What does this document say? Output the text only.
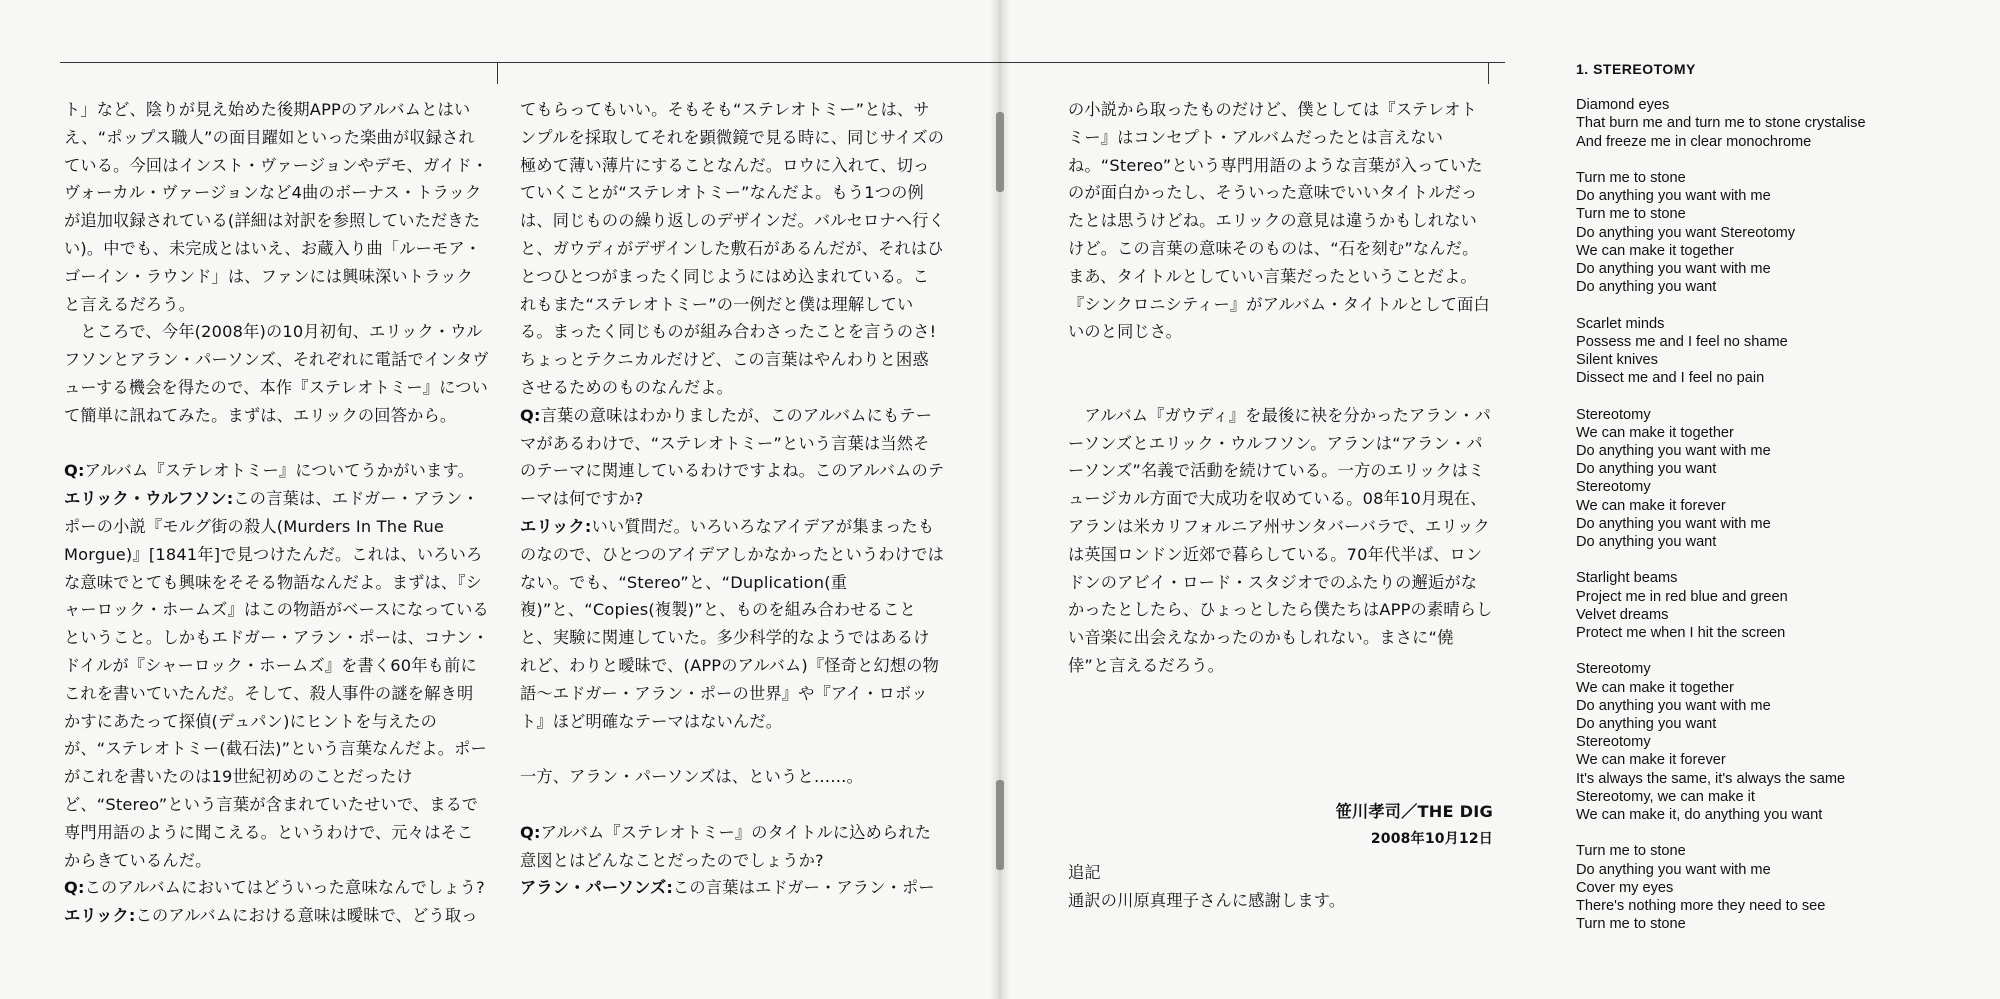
ト」など、陰りが見え始めた後期APPのアルバムとはいえ、“ポップス職人”の面目躍如といった楽曲が収録されている。今回はインスト・ヴァージョンやデモ、ガイド・ヴォーカル・ヴァージョンなど4曲のボーナス・トラックが追加収録されている(詳細は対訳を参照していただきたい)。中でも、未完成とはいえ、お蔵入り曲「ルーモア・ゴーイン・ラウンド」は、ファンには興味深いトラックと言えるだろう。

　ところで、今年(2008年)の10月初旬、エリック・ウルフソンとアラン・パーソンズ、それぞれに電話でインタヴューする機会を得たので、本作『ステレオトミー』について簡単に訊ねてみた。まずは、エリックの回答から。

Q:アルバム『ステレオトミー』についてうかがいます。

エリック・ウルフソン:この言葉は、エドガー・アラン・ポーの小説『モルグ街の殺人(Murders In The Rue Morgue)』[1841年]で見つけたんだ。これは、いろいろな意味でとても興味をそそる物語なんだよ。まずは、『シャーロック・ホームズ』はこの物語がベースになっているということ。しかもエドガー・アラン・ポーは、コナン・ドイルが『シャーロック・ホームズ』を書く60年も前にこれを書いていたんだ。そして、殺人事件の謎を解き明かすにあたって探偵(デュパン)にヒントを与えたのが、“ステレオトミー(截石法)”という言葉なんだよ。ポーがこれを書いたのは19世紀初めのことだったけど、“Stereo”という言葉が含まれていたせいで、まるで専門用語のように聞こえる。というわけで、元々はそこからきているんだ。

Q:このアルバムにおいてはどういった意味なんでしょう?

エリック:このアルバムにおける意味は曖昧で、どう取っ

てもらってもいい。そもそも“ステレオトミー”とは、サンプルを採取してそれを顕微鏡で見る時に、同じサイズの極めて薄い薄片にすることなんだ。ロウに入れて、切っていくことが“ステレオトミー”なんだよ。もう1つの例は、同じものの繰り返しのデザインだ。バルセロナへ行くと、ガウディがデザインした敷石があるんだが、それはひとつひとつがまったく同じようにはめ込まれている。これもまた“ステレオトミー”の一例だと僕は理解している。まったく同じものが組み合わさったことを言うのさ!　ちょっとテクニカルだけど、この言葉はやんわりと困惑させるためのものなんだよ。

Q:言葉の意味はわかりましたが、このアルバムにもテーマがあるわけで、“ステレオトミー”という言葉は当然そのテーマに関連しているわけですよね。このアルバムのテーマは何ですか?

エリック:いい質問だ。いろいろなアイデアが集まったものなので、ひとつのアイデアしかなかったというわけではない。でも、“Stereo”と、“Duplication(重複)”と、“Copies(複製)”と、ものを組み合わせることと、実験に関連していた。多少科学的なようではあるけれど、わりと曖昧で、(APPのアルバム)『怪奇と幻想の物語〜エドガー・アラン・ポーの世界』や『アイ・ロボット』ほど明確なテーマはないんだ。

一方、アラン・パーソンズは、というと……。

Q:アルバム『ステレオトミー』のタイトルに込められた意図とはどんなことだったのでしょうか?

アラン・パーソンズ:この言葉はエドガー・アラン・ポー

の小説から取ったものだけど、僕としては『ステレオトミー』はコンセプト・アルバムだったとは言えないね。“Stereo”という専門用語のような言葉が入っていたのが面白かったし、そういった意味でいいタイトルだったとは思うけどね。エリックの意見は違うかもしれないけど。この言葉の意味そのものは、“石を刻む”なんだ。まあ、タイトルとしていい言葉だったということだよ。『シンクロニシティー』がアルバム・タイトルとして面白いのと同じさ。

　アルバム『ガウディ』を最後に袂を分かったアラン・パーソンズとエリック・ウルフソン。アランは“アラン・パーソンズ”名義で活動を続けている。一方のエリックはミュージカル方面で大成功を収めている。08年10月現在、アランは米カリフォルニア州サンタバーバラで、エリックは英国ロンドン近郊で暮らしている。70年代半ば、ロンドンのアビイ・ロード・スタジオでのふたりの邂逅がなかったとしたら、ひょっとしたら僕たちはAPPの素晴らしい音楽に出会えなかったのかもしれない。まさに“僥倖”と言えるだろう。

笹川孝司／THE DIG

2008年10月12日

追記

通訳の川原真理子さんに感謝します。

1. STEREOTOMY
Diamond eyes
That burn me and turn me to stone crystalise
And freeze me in clear monochrome
Turn me to stone
Do anything you want with me
Turn me to stone
Do anything you want Stereotomy
We can make it together
Do anything you want with me
Do anything you want
Scarlet minds
Possess me and I feel no shame
Silent knives
Dissect me and I feel no pain
Stereotomy
We can make it together
Do anything you want with me
Do anything you want
Stereotomy
We can make it forever
Do anything you want with me
Do anything you want
Starlight beams
Project me in red blue and green
Velvet dreams
Protect me when I hit the screen
Stereotomy
We can make it together
Do anything you want with me
Do anything you want
Stereotomy
We can make it forever
It's always the same, it's always the same
Stereotomy, we can make it
We can make it, do anything you want
Turn me to stone
Do anything you want with me
Cover my eyes
There's nothing more they need to see
Turn me to stone
